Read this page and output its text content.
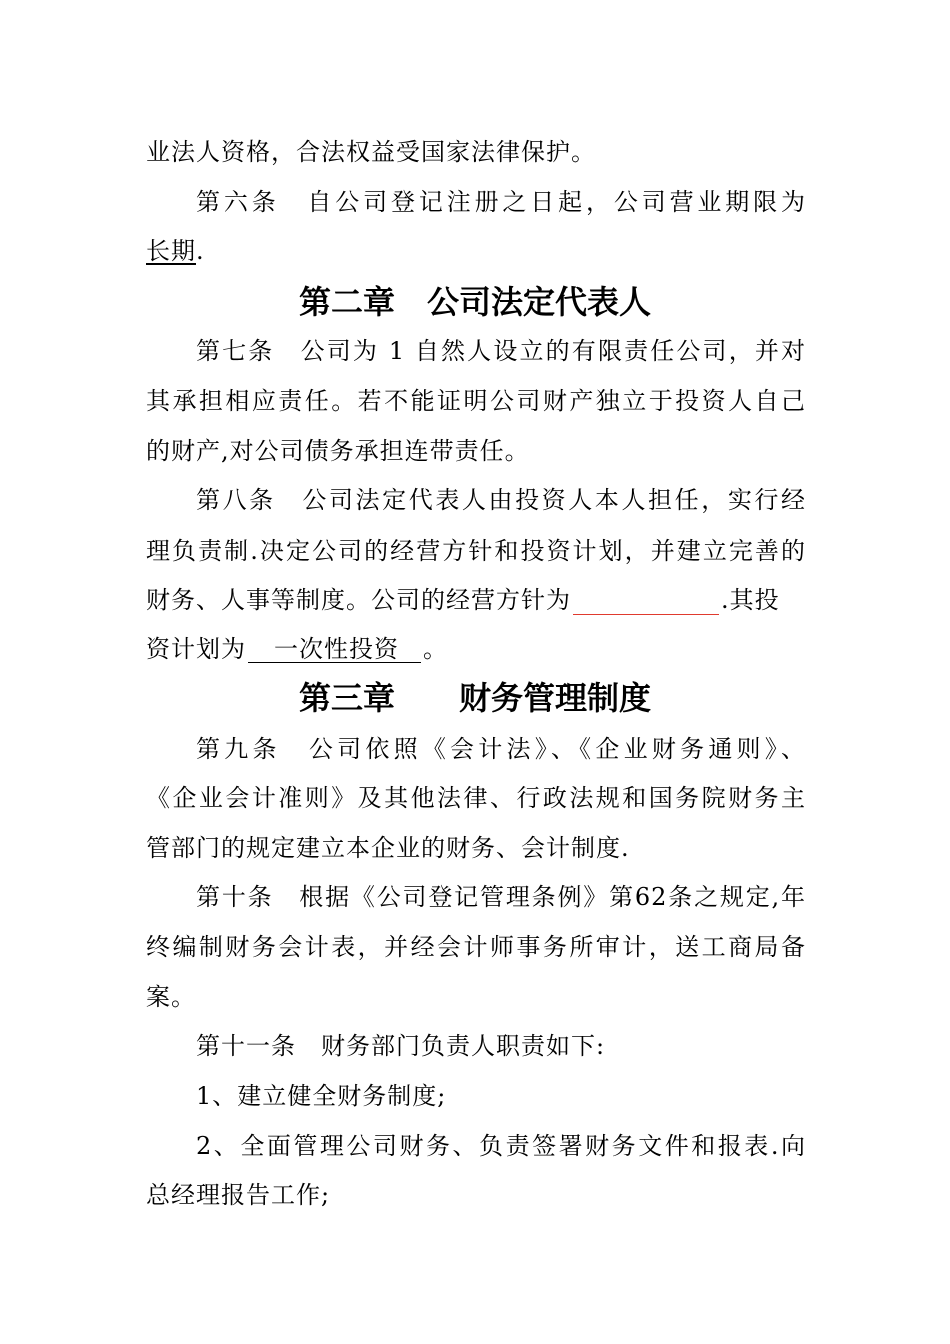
业法人资格，合法权益受国家法律保护。
第六条　自公司登记注册之日起，公司营业期限为
长期.
第二章　公司法定代表人
第七条　公司为 1 自然人设立的有限责任公司，并对
其承担相应责任。若不能证明公司财产独立于投资人自己
的财产,对公司债务承担连带责任。
第八条　公司法定代表人由投资人本人担任，实行经
理负责制.决定公司的经营方针和投资计划，并建立完善的
财务、人事等制度。公司的经营方针为	.其投
资计划为 一次性投资 。
第三章　　财务管理制度
第九条　公司依照《会计法》、《企业财务通则》、
《企业会计准则》及其他法律、行政法规和国务院财务主
管部门的规定建立本企业的财务、会计制度.
第十条　根据《公司登记管理条例》第62条之规定,年
终编制财务会计表，并经会计师事务所审计，送工商局备
案。
第十一条　财务部门负责人职责如下:
1、建立健全财务制度;
2、全面管理公司财务、负责签署财务文件和报表.向
总经理报告工作;
